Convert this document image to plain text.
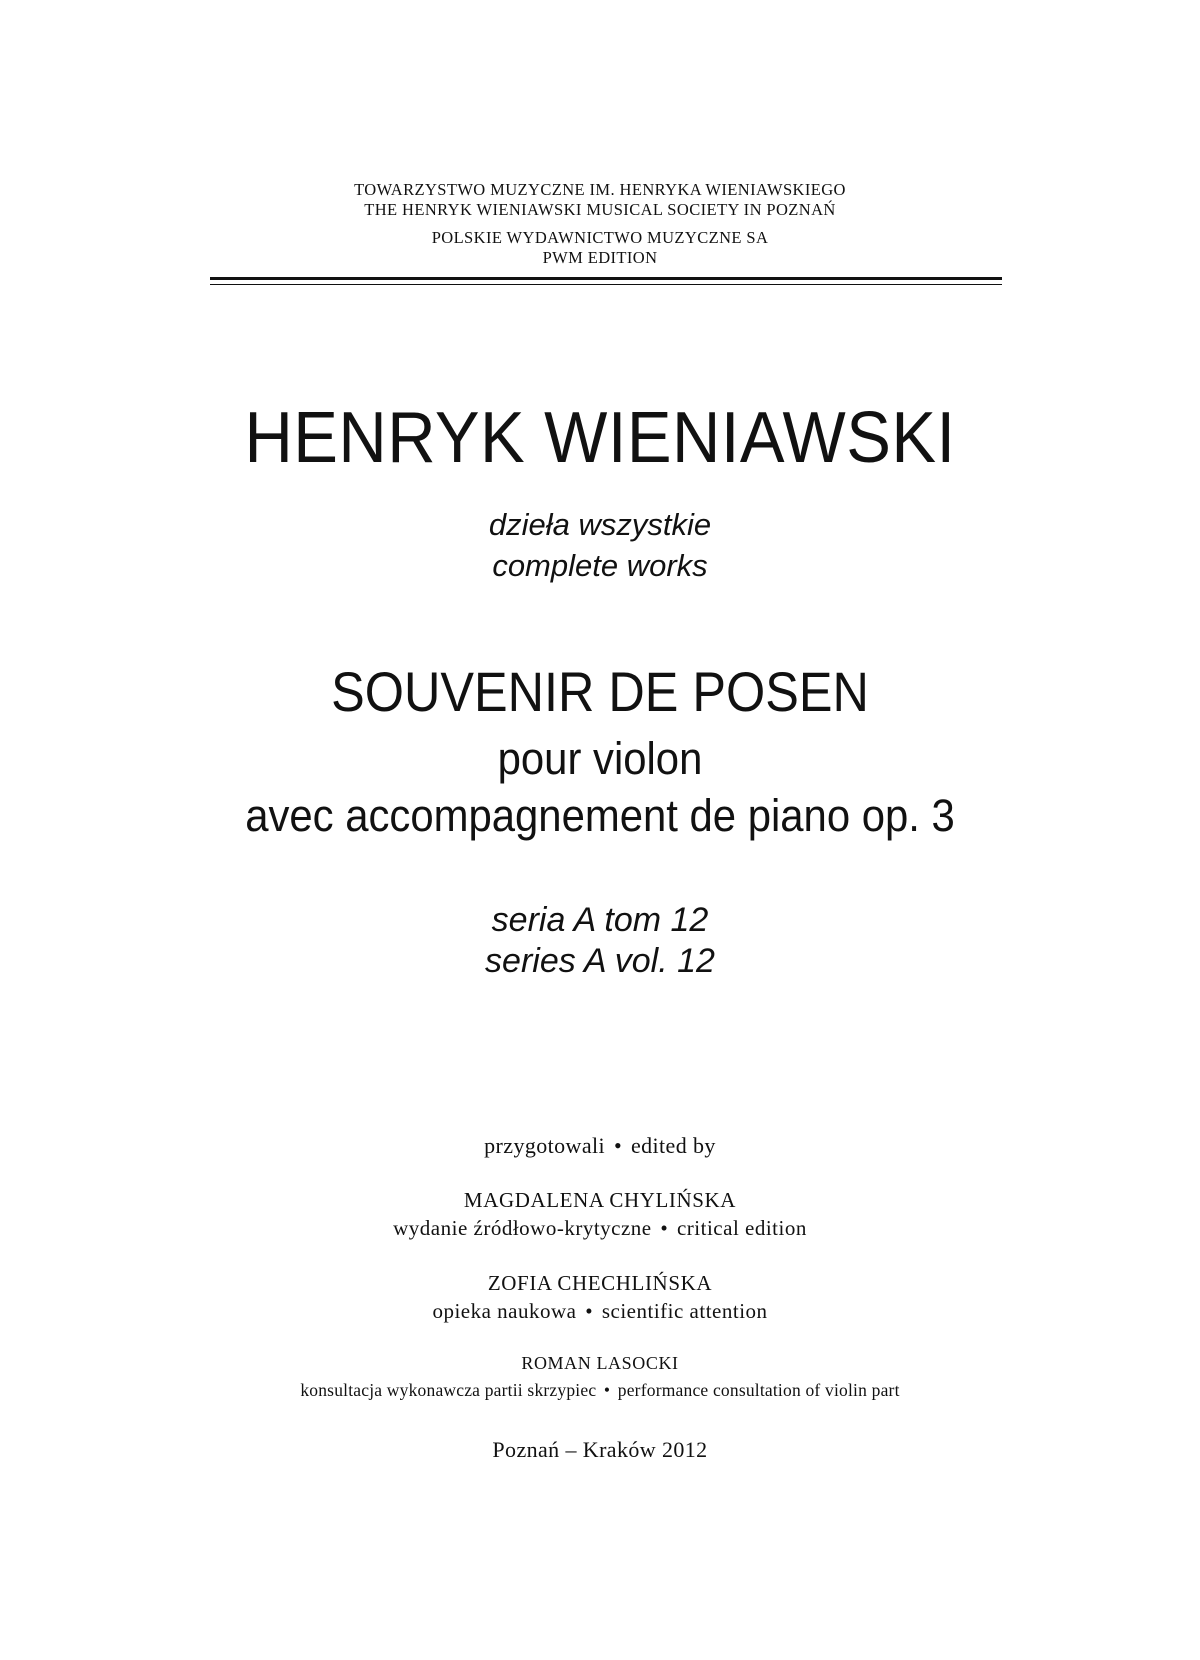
TOWARZYSTWO MUZYCZNE IM. HENRYKA WIENIAWSKIEGO
THE HENRYK WIENIAWSKI MUSICAL SOCIETY IN POZNAŃ
POLSKIE WYDAWNICTWO MUZYCZNE SA
PWM EDITION
HENRYK WIENIAWSKI
dzieła wszystkie
complete works
SOUVENIR DE POSEN
pour violon
avec accompagnement de piano op. 3
seria A tom 12
series A vol. 12
przygotowali • edited by
MAGDALENA CHYLIŃSKA
wydanie źródłowo-krytyczne • critical edition
ZOFIA CHECHLIŃSKA
opieka naukowa • scientific attention
ROMAN LASOCKI
konsultacja wykonawcza partii skrzypiec • performance consultation of violin part
Poznań – Kraków 2012
